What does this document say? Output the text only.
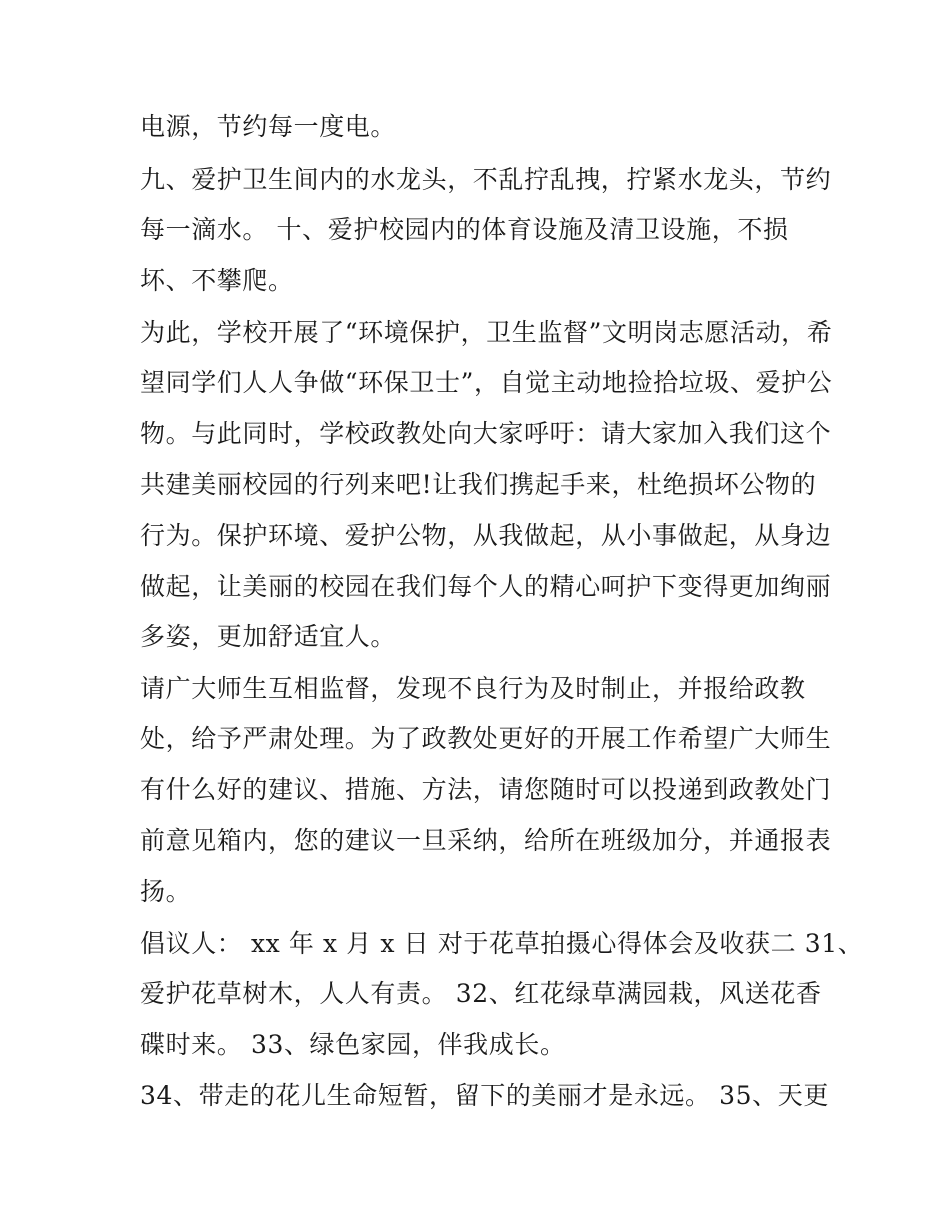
电源，节约每一度电。
九、爱护卫生间内的水龙头，不乱拧乱拽，拧紧水龙头，节约
每一滴水。 十、爱护校园内的体育设施及清卫设施，不损
坏、不攀爬。
为此，学校开展了“环境保护，卫生监督”文明岗志愿活动，希
望同学们人人争做“环保卫士”，自觉主动地捡拾垃圾、爱护公
物。与此同时，学校政教处向大家呼吁：请大家加入我们这个
共建美丽校园的行列来吧!让我们携起手来，杜绝损坏公物的
行为。保护环境、爱护公物，从我做起，从小事做起，从身边
做起，让美丽的校园在我们每个人的精心呵护下变得更加绚丽
多姿，更加舒适宜人。
请广大师生互相监督，发现不良行为及时制止，并报给政教
处，给予严肃处理。为了政教处更好的开展工作希望广大师生
有什么好的建议、措施、方法，请您随时可以投递到政教处门
前意见箱内，您的建议一旦采纳，给所在班级加分，并通报表
扬。
倡议人： xx 年 x 月 x 日 对于花草拍摄心得体会及收获二 31、
爱护花草树木，人人有责。 32、红花绿草满园栽，风送花香
碟时来。 33、绿色家园，伴我成长。
34、带走的花儿生命短暂，留下的美丽才是永远。 35、天更
